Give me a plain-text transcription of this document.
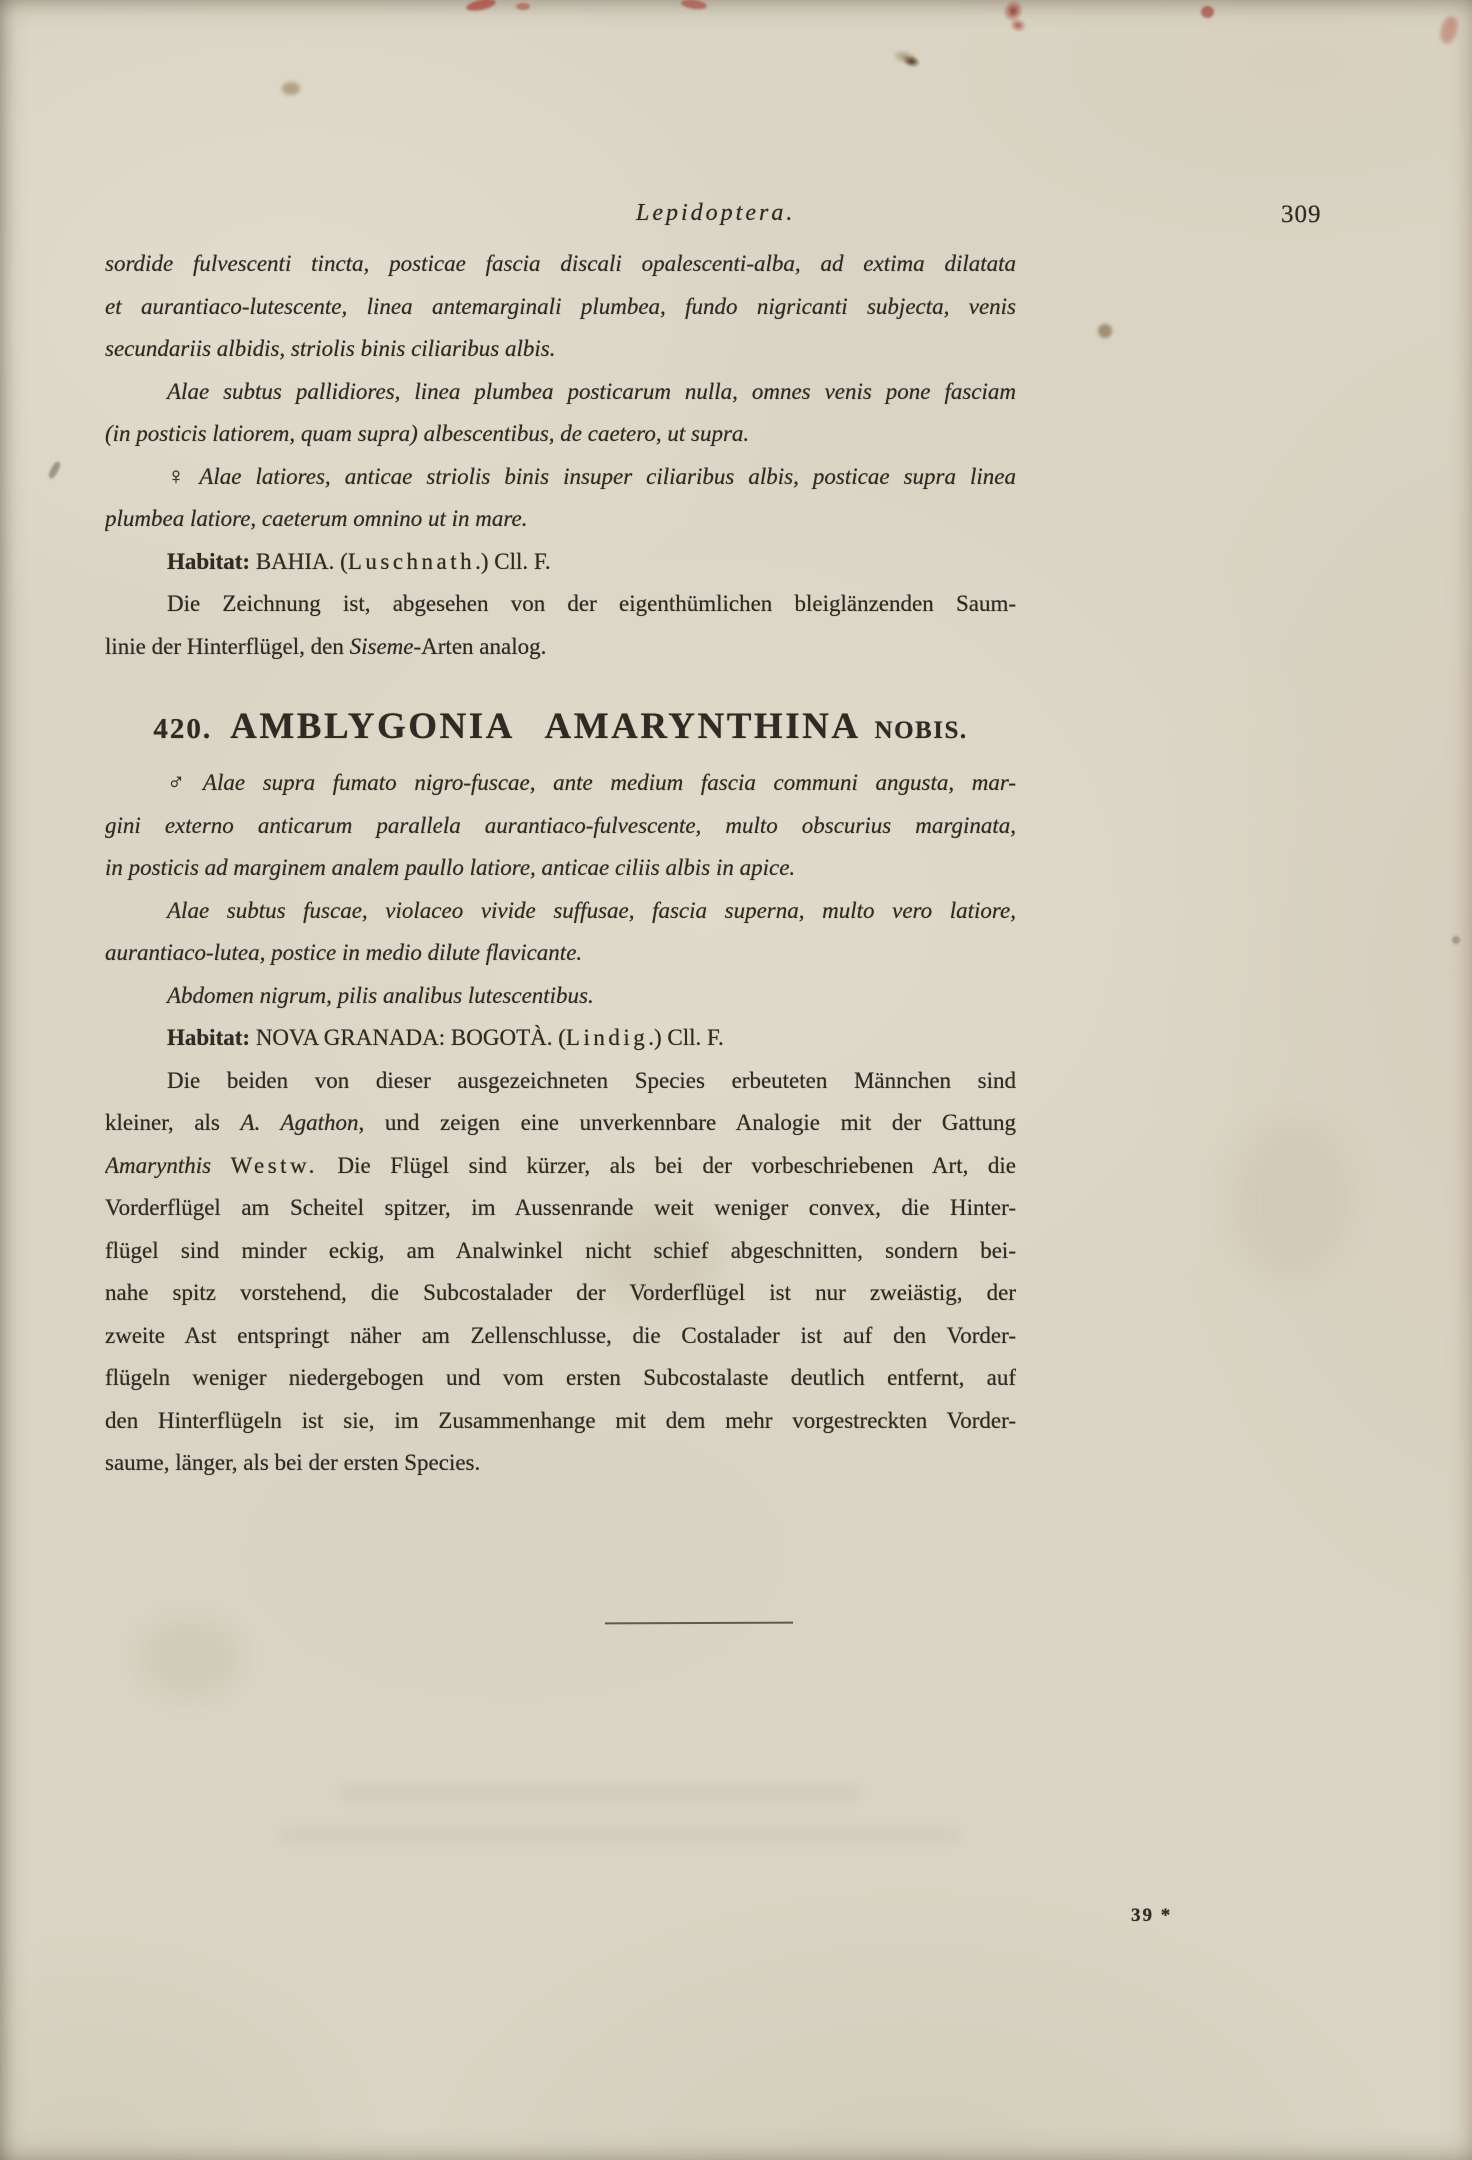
Lepidoptera.	309
sordide fulvescenti tincta, posticae fascia discali opalescenti-alba, ad extima dilatata
et aurantiaco-lutescente, linea antemarginali plumbea, fundo nigricanti subjecta, venis
secundariis albidis, striolis binis ciliaribus albis.
Alae subtus pallidiores, linea plumbea posticarum nulla, omnes venis pone fasciam
(in posticis latiorem, quam supra) albescentibus, de caetero, ut supra.
♀ Alae latiores, anticae striolis binis insuper ciliaribus albis, posticae supra linea
plumbea latiore, caeterum omnino ut in mare.
Habitat: BAHIA. (Luschnath.) Cll. F.
Die Zeichnung ist, abgesehen von der eigenthümlichen bleiglänzenden Saum-
linie der Hinterflügel, den Siseme-Arten analog.
420. AMBLYGONIA AMARYNTHINA NOBIS.
♂ Alae supra fumato nigro-fuscae, ante medium fascia communi angusta, mar-
gini externo anticarum parallela aurantiaco-fulvescente, multo obscurius marginata,
in posticis ad marginem analem paullo latiore, anticae ciliis albis in apice.
Alae subtus fuscae, violaceo vivide suffusae, fascia superna, multo vero latiore,
aurantiaco-lutea, postice in medio dilute flavicante.
Abdomen nigrum, pilis analibus lutescentibus.
Habitat: NOVA GRANADA: BOGOTÀ. (Lindig.) Cll. F.
Die beiden von dieser ausgezeichneten Species erbeuteten Männchen sind
kleiner, als A. Agathon, und zeigen eine unverkennbare Analogie mit der Gattung
Amarynthis Westw. Die Flügel sind kürzer, als bei der vorbeschriebenen Art, die
Vorderflügel am Scheitel spitzer, im Aussenrande weit weniger convex, die Hinter-
flügel sind minder eckig, am Analwinkel nicht schief abgeschnitten, sondern bei-
nahe spitz vorstehend, die Subcostalader der Vorderflügel ist nur zweiästig, der
zweite Ast entspringt näher am Zellenschlusse, die Costalader ist auf den Vorder-
flügeln weniger niedergebogen und vom ersten Subcostalaste deutlich entfernt, auf
den Hinterflügeln ist sie, im Zusammenhange mit dem mehr vorgestreckten Vorder-
saume, länger, als bei der ersten Species.
39 *
